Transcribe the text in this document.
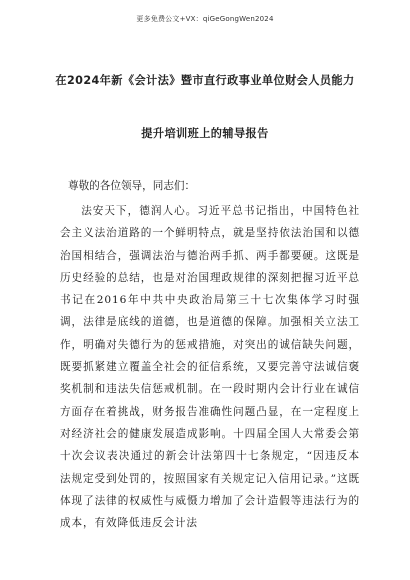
更多免费公文+VX：qiGeGongWen2024
在2024年新《会计法》暨市直行政事业单位财会人员能力
提升培训班上的辅导报告
尊敬的各位领导，同志们：

法安天下，德润人心。习近平总书记指出，中国特色社会主义法治道路的一个鲜明特点，就是坚持依法治国和以德治国相结合，强调法治与德治两手抓、两手都要硬。这既是历史经验的总结，也是对治国理政规律的深刻把握习近平总书记在2016年中共中央政治局第三十七次集体学习时强调，法律是底线的道德，也是道德的保障。加强相关立法工作，明确对失德行为的惩戒措施，对突出的诚信缺失问题，既要抓紧建立覆盖全社会的征信系统，又要完善守法诚信褒奖机制和违法失信惩戒机制。在一段时期内会计行业在诚信方面存在着挑战，财务报告准确性问题凸显，在一定程度上对经济社会的健康发展造成影响。十四届全国人大常委会第十次会议表决通过的新会计法第四十七条规定，“因违反本法规定受到处罚的，按照国家有关规定记入信用记录。”这既体现了法律的权威性与威慑力增加了会计造假等违法行为的成本，有效降低违反会计法
